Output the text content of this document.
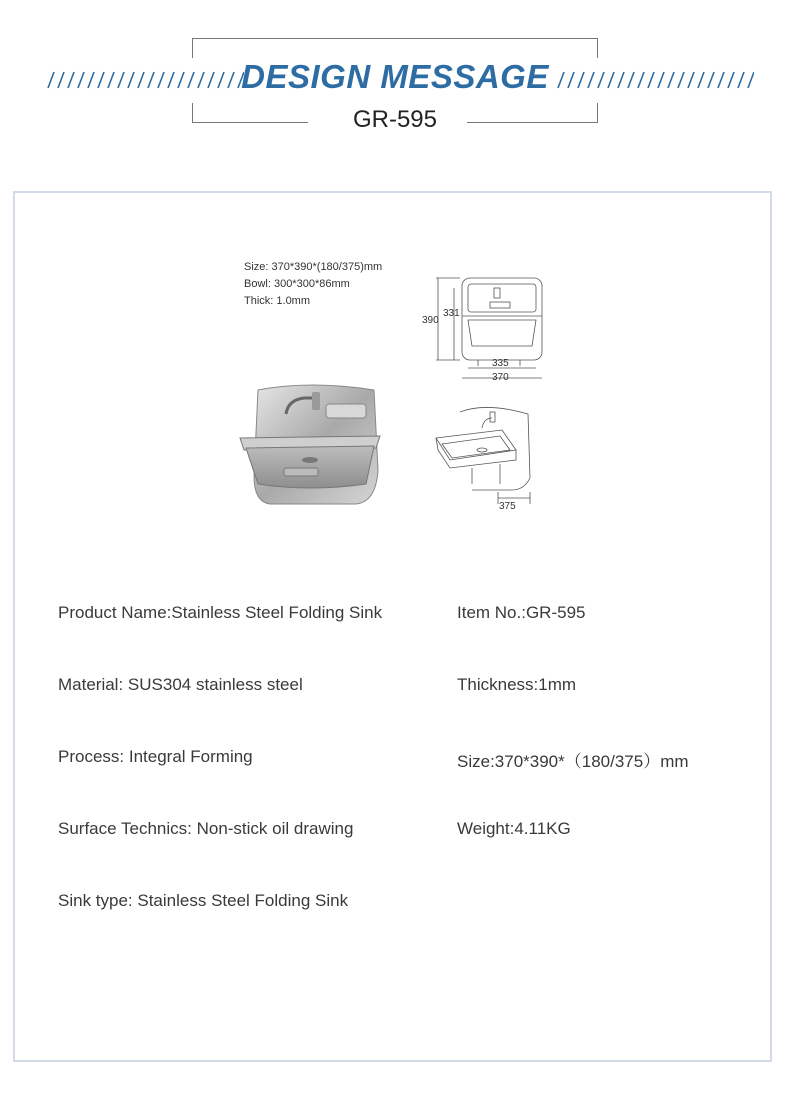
DESIGN MESSAGE
GR-595
Size: 370*390*(180/375)mm
Bowl: 300*300*86mm
Thick: 1.0mm
390
331
335
370
375
Product Name:Stainless Steel Folding Sink	Item No.:GR-595
Material: SUS304 stainless steel	Thickness:1mm
Process: Integral Forming	Size:370*390*（180/375）mm
Surface Technics: Non-stick oil drawing	Weight:4.11KG
Sink type: Stainless Steel Folding Sink
